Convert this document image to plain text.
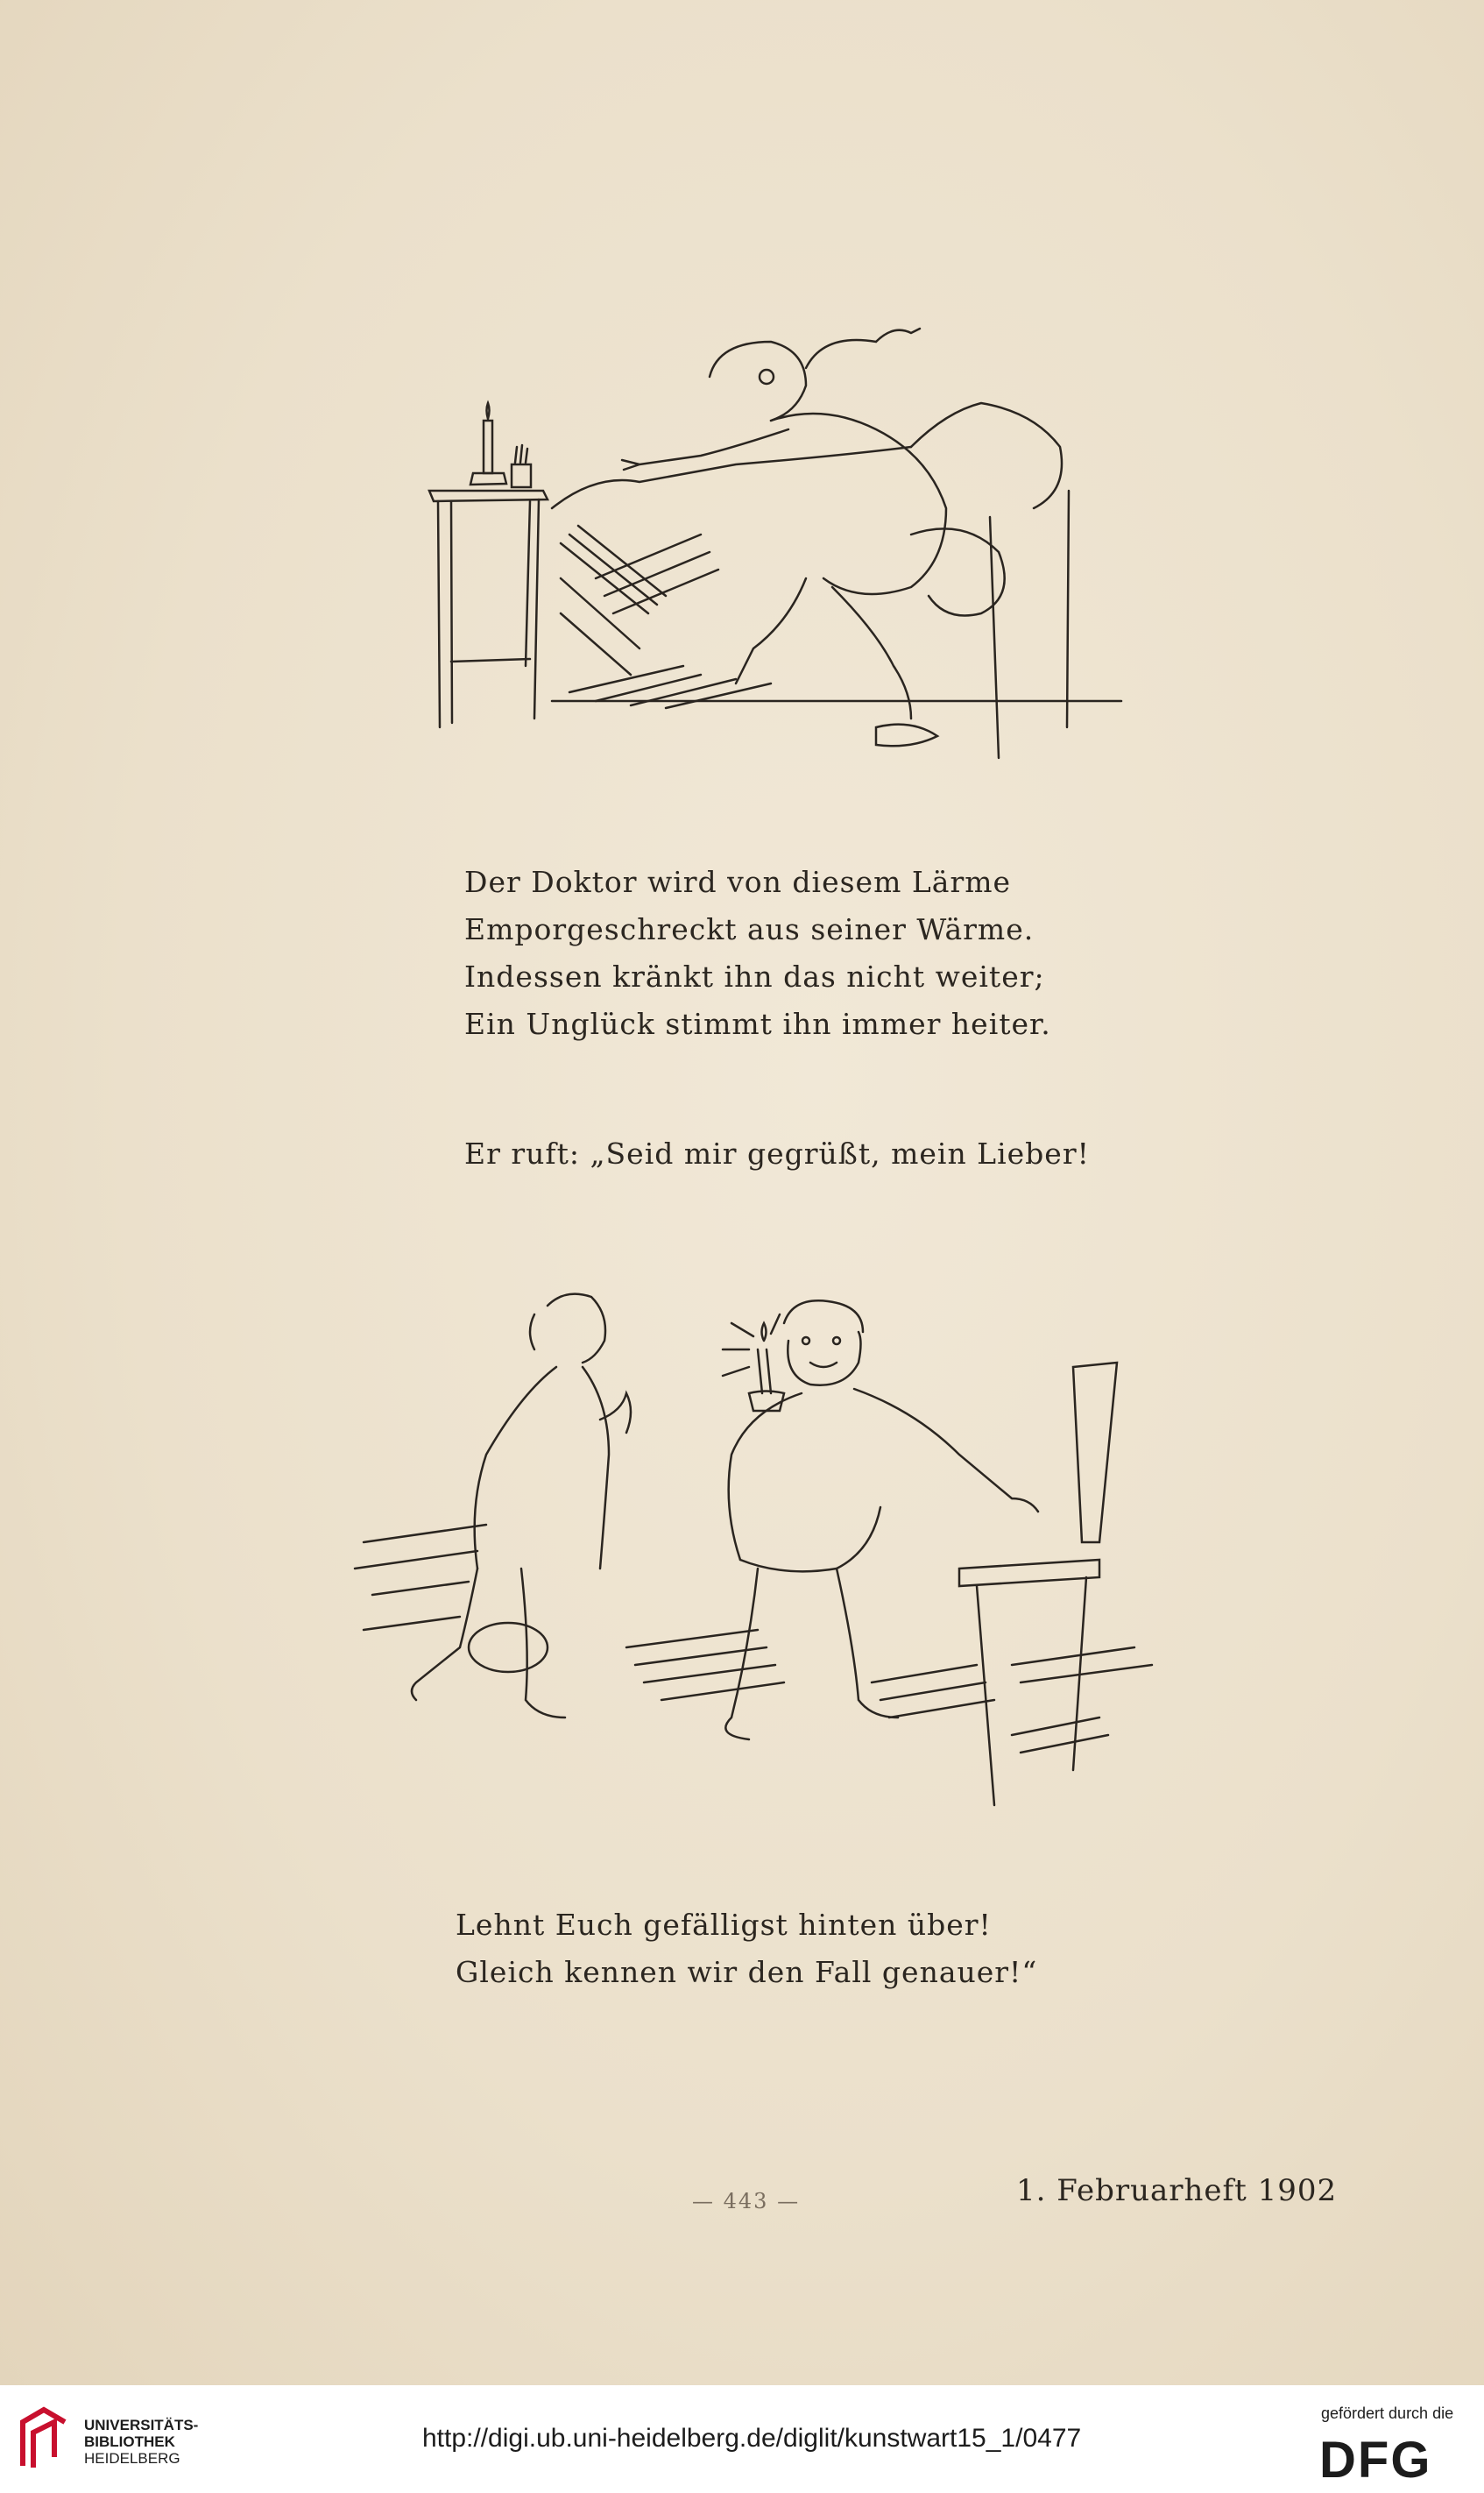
Der Doktor wird von diesem Lärme
Emporgeschreckt aus seiner Wärme.
Indessen kränkt ihn das nicht weiter;
Ein Unglück stimmt ihn immer heiter.
Er ruft: „Seid mir gegrüßt, mein Lieber!
Lehnt Euch gefälligst hinten über!
Gleich kennen wir den Fall genauer!“
— 443 —	1. Februarheft 1902
UNIVERSITÄTS-
BIBLIOTHEK
HEIDELBERG
http://digi.ub.uni-heidelberg.de/diglit/kunstwart15_1/0477
gefördert durch die
DFG
